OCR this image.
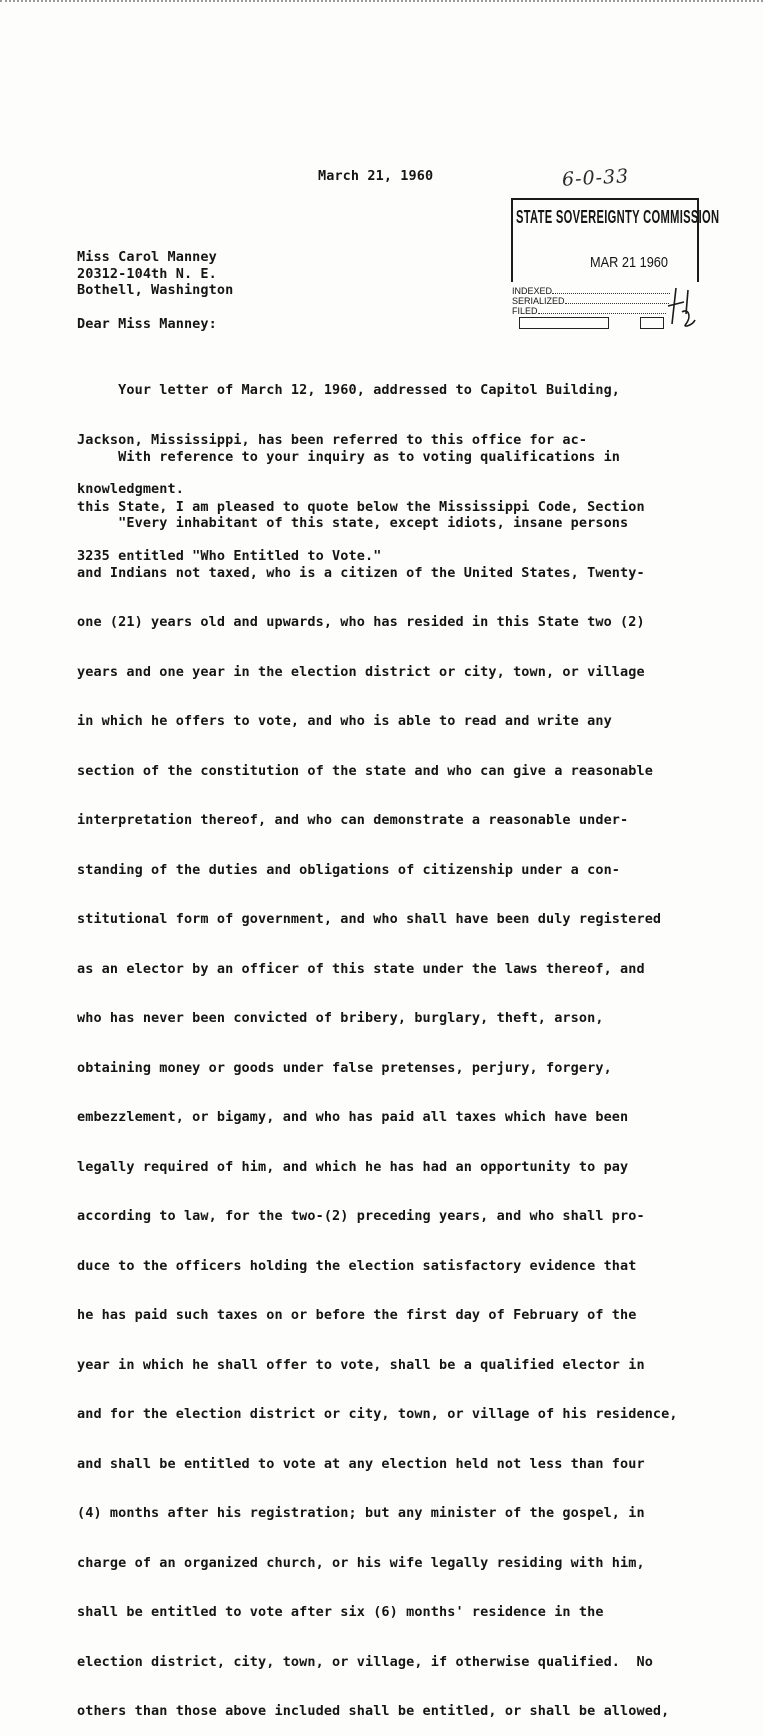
March 21, 1960	6-0-33
STATE SOVEREIGNTY COMMISSION
MAR 21 1960
INDEXED
SERIALIZED
FILED
Miss Carol Manney
20312-104th N. E.
Bothell, Washington
Dear Miss Manney:

Your letter of March 12, 1960, addressed to Capitol Building,

Jackson, Mississippi, has been referred to this office for ac-

knowledgment.

With reference to your inquiry as to voting qualifications in

this State, I am pleased to quote below the Mississippi Code, Section

3235 entitled "Who Entitled to Vote."

"Every inhabitant of this state, except idiots, insane persons

and Indians not taxed, who is a citizen of the United States, Twenty-

one (21) years old and upwards, who has resided in this State two (2)

years and one year in the election district or city, town, or village

in which he offers to vote, and who is able to read and write any

section of the constitution of the state and who can give a reasonable

interpretation thereof, and who can demonstrate a reasonable under-

standing of the duties and obligations of citizenship under a con-

stitutional form of government, and who shall have been duly registered

as an elector by an officer of this state under the laws thereof, and

who has never been convicted of bribery, burglary, theft, arson,

obtaining money or goods under false pretenses, perjury, forgery,

embezzlement, or bigamy, and who has paid all taxes which have been

legally required of him, and which he has had an opportunity to pay

according to law, for the two-(2) preceding years, and who shall pro-

duce to the officers holding the election satisfactory evidence that

he has paid such taxes on or before the first day of February of the

year in which he shall offer to vote, shall be a qualified elector in

and for the election district or city, town, or village of his residence,

and shall be entitled to vote at any election held not less than four

(4) months after his registration; but any minister of the gospel, in

charge of an organized church, or his wife legally residing with him,

shall be entitled to vote after six (6) months' residence in the

election district, city, town, or village, if otherwise qualified.  No

others than those above included shall be entitled, or shall be allowed,
